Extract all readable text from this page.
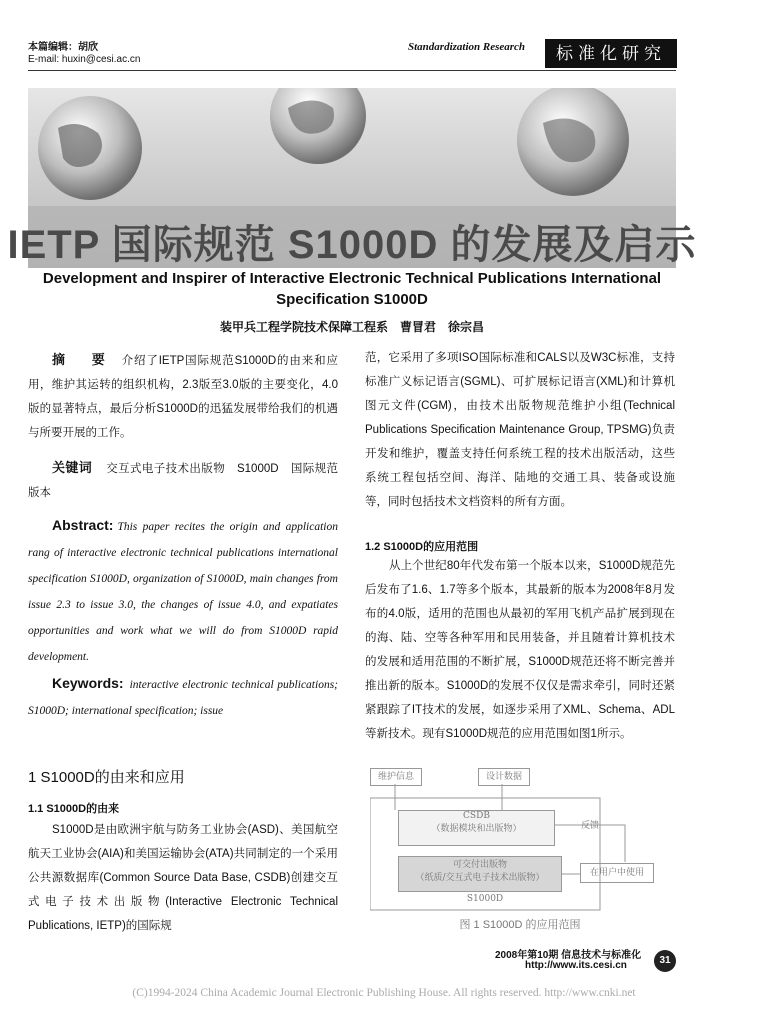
本篇编辑：胡欣
E-mail: huxin@cesi.ac.cn
Standardization Research	标准化研究
IETP 国际规范 S1000D 的发展及启示
Development and Inspirer of Interactive Electronic Technical Publications International
Specification S1000D
装甲兵工程学院技术保障工程系　曹冒君　徐宗昌
摘　要 介绍了IETP国际规范S1000D的由来和应用，维护其运转的组织机构，2.3版至3.0版的主要变化，4.0版的显著特点，最后分析S1000D的迅猛发展带给我们的机遇与所要开展的工作。
关键词 交互式电子技术出版物　S1000D　国际规范　版本
Abstract: This paper recites the origin and application rang of interactive electronic technical publications international specification S1000D, organization of S1000D, main changes from issue 2.3 to issue 3.0, the changes of issue 4.0, and expatiates opportunities and work what we will do from S1000D rapid development.
Keywords: interactive electronic technical publications; S1000D; international specification; issue
1 S1000D的由来和应用
1.1 S1000D的由来
S1000D是由欧洲宇航与防务工业协会(ASD)、美国航空航天工业协会(AIA)和美国运输协会(ATA)共同制定的一个采用公共源数据库(Common Source Data Base, CSDB)创建交互式电子技术出版物(Interactive Electronic Technical Publications, IETP)的国际规
范，它采用了多项ISO国际标准和CALS以及W3C标准，支持标准广义标记语言(SGML)、可扩展标记语言(XML)和计算机图元文件(CGM)，由技术出版物规范维护小组(Technical Publications Specification Maintenance Group, TPSMG)负责开发和维护，覆盖支持任何系统工程的技术出版活动，这些系统工程包括空间、海洋、陆地的交通工具、装备或设施等，同时包括技术文档资料的所有方面。
1.2 S1000D的应用范围
从上个世纪80年代发布第一个版本以来，S1000D规范先后发布了1.6、1.7等多个版本，其最新的版本为2008年8月发布的4.0版，适用的范围也从最初的军用飞机产品扩展到现在的海、陆、空等各种军用和民用装备，并且随着计算机技术的发展和适用范围的不断扩展，S1000D规范还将不断完善并推出新的版本。S1000D的发展不仅仅是需求牵引，同时还紧紧跟踪了IT技术的发展，如逐步采用了XML、Schema、ADL等新技术。现有S1000D规范的应用范围如图1所示。
维护信息	设计数据
CSDB
（数据模块和出版物）	反馈
可交付出版物
（纸质/交互式电子技术出版物）	在用户中使用
S1000D
图 1 S1000D 的应用范围
2008年第10期 信息技术与标准化
http://www.its.cesi.cn	31
(C)1994-2024 China Academic Journal Electronic Publishing House. All rights reserved. http://www.cnki.net
